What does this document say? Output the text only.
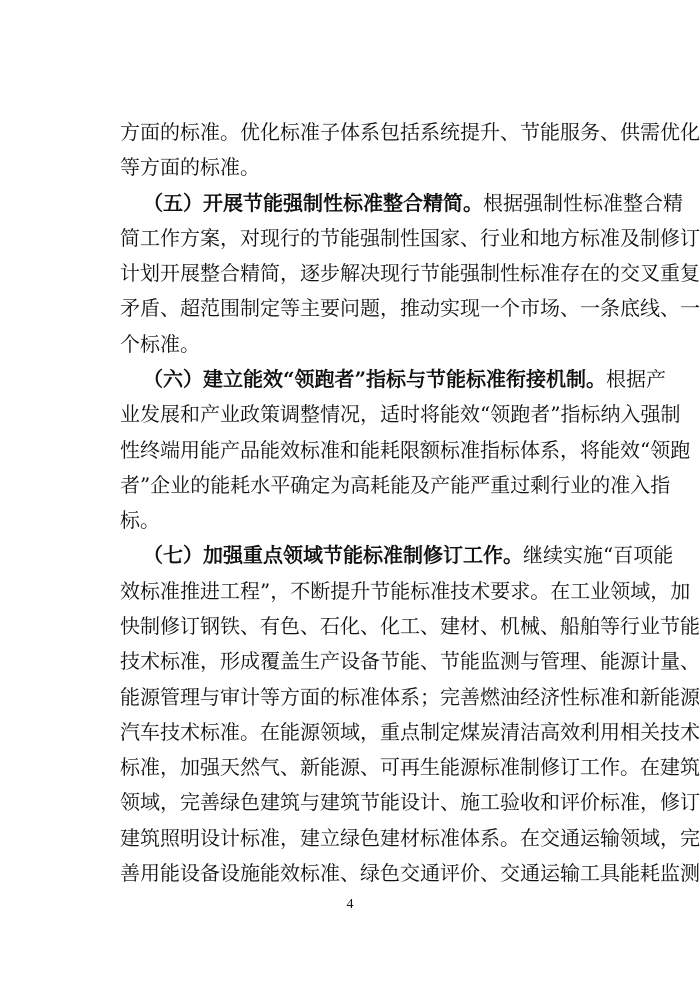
方面的标准。优化标准子体系包括系统提升、节能服务、供需优化
等方面的标准。
（五）开展节能强制性标准整合精简。根据强制性标准整合精
简工作方案，对现行的节能强制性国家、行业和地方标准及制修订
计划开展整合精简，逐步解决现行节能强制性标准存在的交叉重复
矛盾、超范围制定等主要问题，推动实现一个市场、一条底线、一
个标准。
（六）建立能效“领跑者”指标与节能标准衔接机制。根据产
业发展和产业政策调整情况，适时将能效“领跑者”指标纳入强制
性终端用能产品能效标准和能耗限额标准指标体系，将能效“领跑
者”企业的能耗水平确定为高耗能及产能严重过剩行业的准入指
标。
（七）加强重点领域节能标准制修订工作。继续实施“百项能
效标准推进工程”，不断提升节能标准技术要求。在工业领域，加
快制修订钢铁、有色、石化、化工、建材、机械、船舶等行业节能
技术标准，形成覆盖生产设备节能、节能监测与管理、能源计量、
能源管理与审计等方面的标准体系；完善燃油经济性标准和新能源
汽车技术标准。在能源领域，重点制定煤炭清洁高效利用相关技术
标准，加强天然气、新能源、可再生能源标准制修订工作。在建筑
领域，完善绿色建筑与建筑节能设计、施工验收和评价标准，修订
建筑照明设计标准，建立绿色建材标准体系。在交通运输领域，完
善用能设备设施能效标准、绿色交通评价、交通运输工具能耗监测
4
